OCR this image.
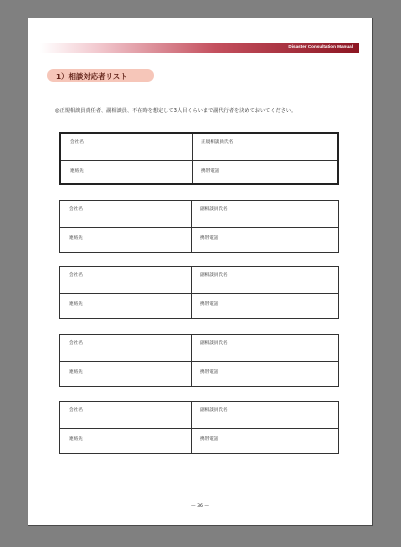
Disaster Consultation Manual
1）相談対応者リスト
◎正規相談員責任者、副相談員、不在時を想定して3人目くらいまで副代行者を決めておいてください。
会社名	正規相談員氏名
連絡先	携帯電話
会社名	副相談員氏名
連絡先	携帯電話
会社名	副相談員氏名
連絡先	携帯電話
会社名	副相談員氏名
連絡先	携帯電話
会社名	副相談員氏名
連絡先	携帯電話
— 36 —
